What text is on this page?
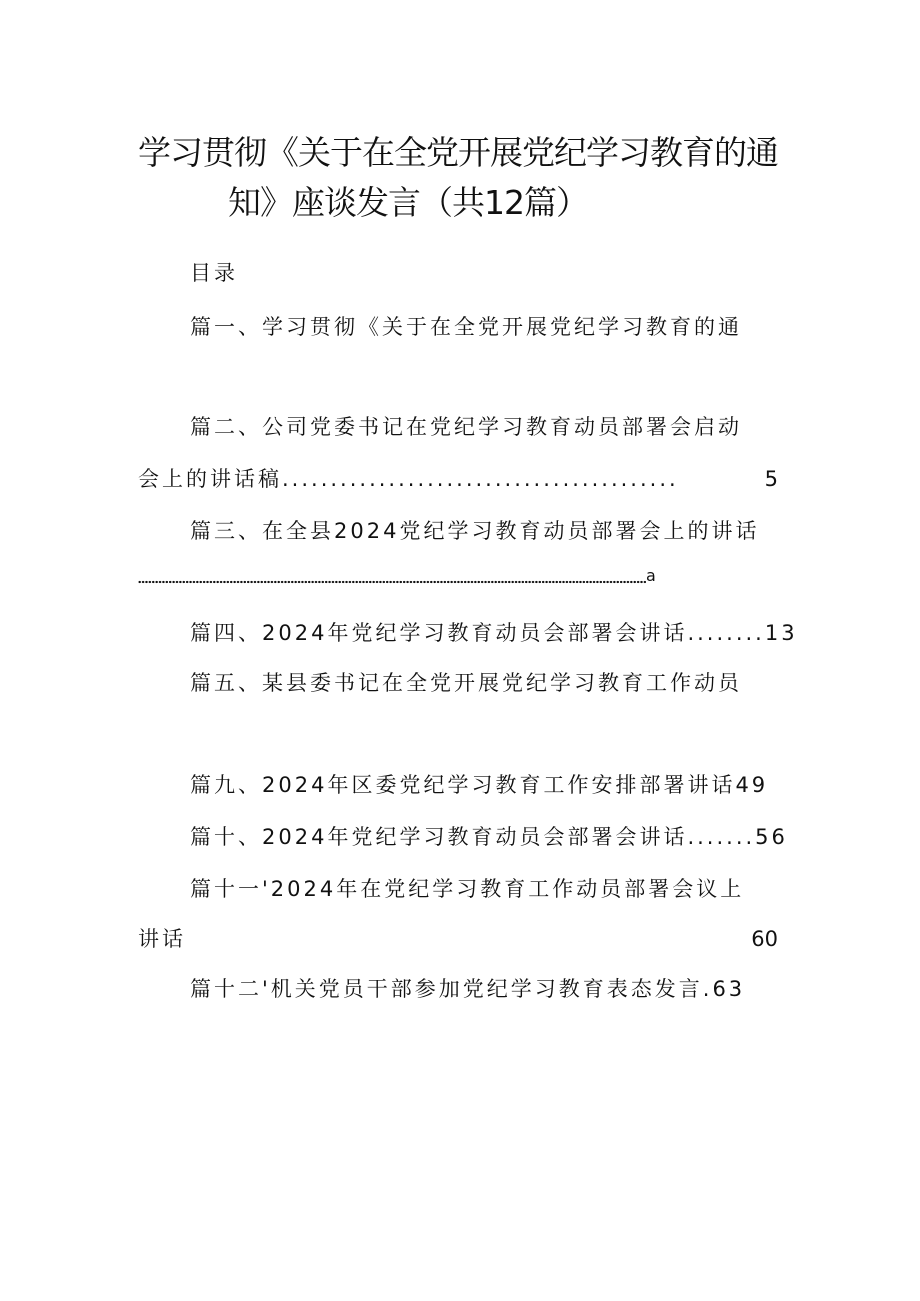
学习贯彻《关于在全党开展党纪学习教育的通
知》座谈发言（共12篇）
目录
篇一、学习贯彻《关于在全党开展党纪学习教育的通
篇二、公司党委书记在党纪学习教育动员部署会启动
会上的讲话稿.........................................	5
篇三、在全县2024党纪学习教育动员部署会上的讲话
a
篇四、2024年党纪学习教育动员会部署会讲话........13
篇五、某县委书记在全党开展党纪学习教育工作动员
篇九、2024年区委党纪学习教育工作安排部署讲话49
篇十、2024年党纪学习教育动员会部署会讲话.......56
篇十一'2024年在党纪学习教育工作动员部署会议上
讲话	60
篇十二'机关党员干部参加党纪学习教育表态发言.63
